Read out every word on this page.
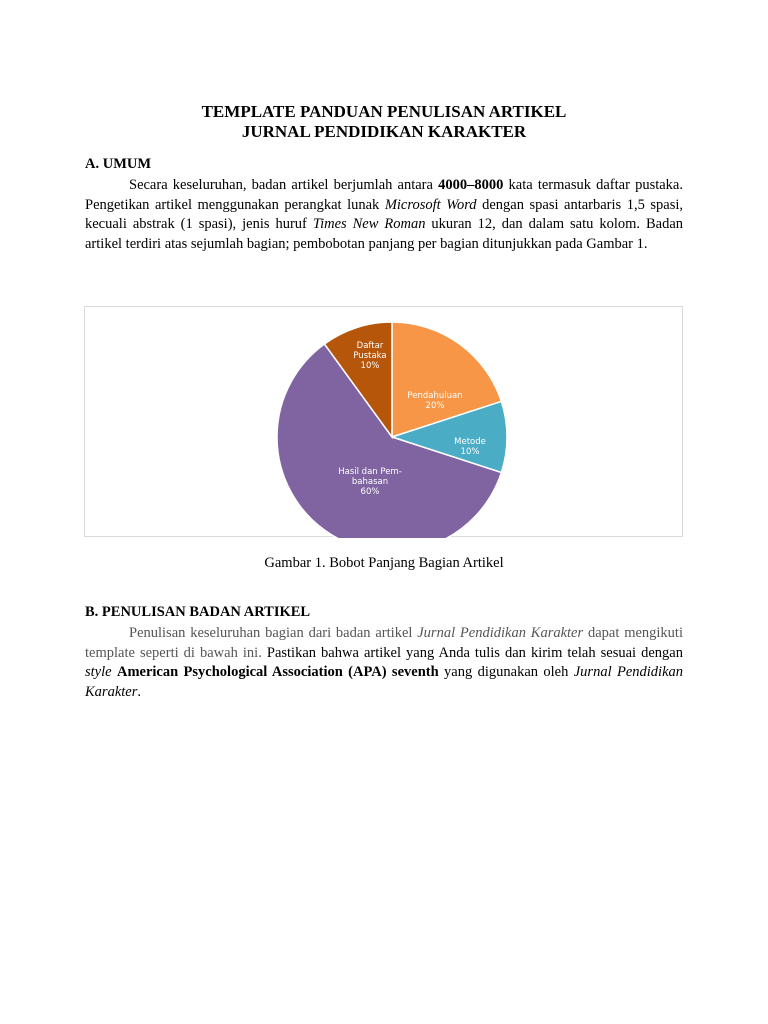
TEMPLATE PANDUAN PENULISAN ARTIKEL
JURNAL PENDIDIKAN KARAKTER
A. UMUM

Secara keseluruhan, badan artikel berjumlah antara 4000–8000 kata termasuk daftar pustaka. Pengetikan artikel menggunakan perangkat lunak Microsoft Word dengan spasi antarbaris 1,5 spasi, kecuali abstrak (1 spasi), jenis huruf Times New Roman ukuran 12, dan dalam satu kolom. Badan artikel terdiri atas sejumlah bagian; pembobotan panjang per bagian ditunjukkan pada Gambar 1.

Pendahuluan 20%
Metode 10%
Hasil dan Pem-bahasan 60%
Daftar Pustaka 10%
Gambar 1. Bobot Panjang Bagian Artikel
B. PENULISAN BADAN ARTIKEL

Penulisan keseluruhan bagian dari badan artikel Jurnal Pendidikan Karakter dapat mengikuti template seperti di bawah ini. Pastikan bahwa artikel yang Anda tulis dan kirim telah sesuai dengan style American Psychological Association (APA) seventh yang digunakan oleh Jurnal Pendidikan Karakter.
